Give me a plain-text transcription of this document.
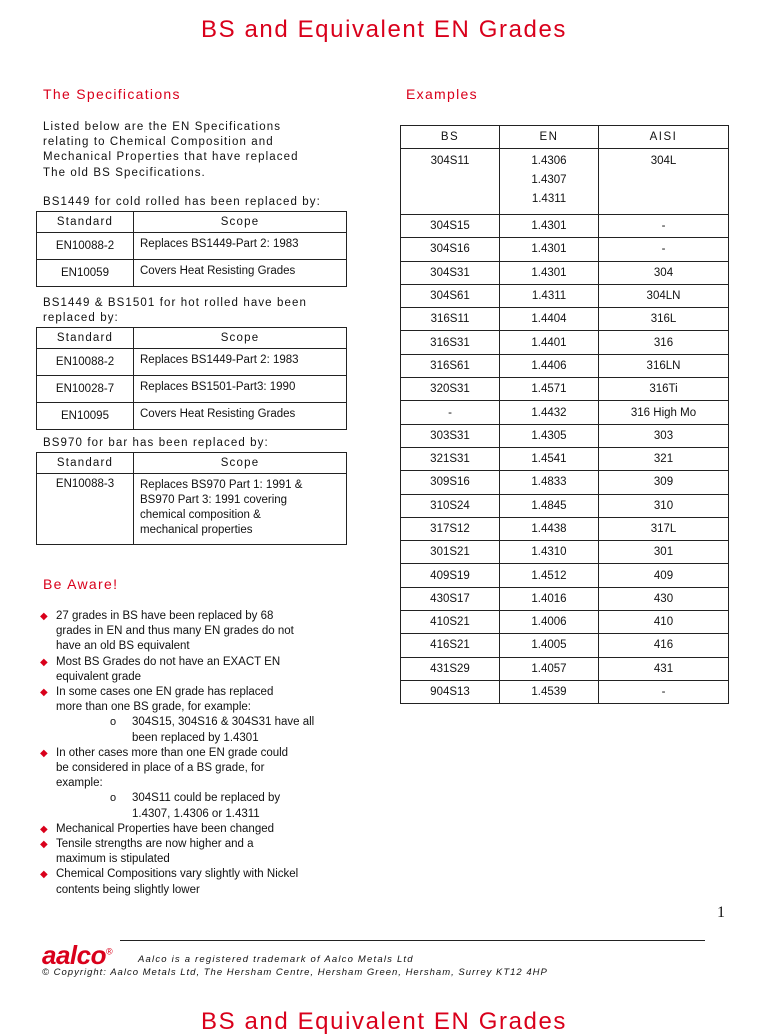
BS and Equivalent EN Grades
The Specifications
Listed below are the EN Specifications
relating to Chemical Composition and
Mechanical Properties that have replaced
The old BS Specifications.
BS1449 for cold rolled has been replaced by:
Standard	Scope
EN10088-2	Replaces BS1449-Part 2: 1983
EN10059	Covers Heat Resisting Grades
BS1449 & BS1501 for hot rolled have been
replaced by:
Standard	Scope
EN10088-2	Replaces BS1449-Part 2: 1983
EN10028-7	Replaces BS1501-Part3: 1990
EN10095	Covers Heat Resisting Grades
BS970 for bar has been replaced by:
Standard	Scope
EN10088-3	Replaces BS970 Part 1: 1991 &
BS970 Part 3: 1991 covering
chemical composition &
mechanical properties
Be Aware!
◆ 27 grades in BS have been replaced by 68
grades in EN and thus many EN grades do not
have an old BS equivalent
◆ Most BS Grades do not have an EXACT EN
equivalent grade
◆ In some cases one EN grade has replaced
more than one BS grade, for example:
o 304S15, 304S16 & 304S31 have all
been replaced by 1.4301
◆ In other cases more than one EN grade could
be considered in place of a BS grade, for
example:
o 304S11 could be replaced by
1.4307, 1.4306 or 1.4311
◆ Mechanical Properties have been changed
◆ Tensile strengths are now higher and a
maximum is stipulated
◆ Chemical Compositions vary slightly with Nickel
contents being slightly lower
Examples
BS	EN	AISI
304S11	1.4306
1.4307
1.4311	304L
304S15	1.4301	-
304S16	1.4301	-
304S31	1.4301	304
304S61	1.4311	304LN
316S11	1.4404	316L
316S31	1.4401	316
316S61	1.4406	316LN
320S31	1.4571	316Ti
-	1.4432	316 High Mo
303S31	1.4305	303
321S31	1.4541	321
309S16	1.4833	309
310S24	1.4845	310
317S12	1.4438	317L
301S21	1.4310	301
409S19	1.4512	409
430S17	1.4016	430
410S21	1.4006	410
416S21	1.4005	416
431S29	1.4057	431
904S13	1.4539	-
1
aalco®
Aalco is a registered trademark of Aalco Metals Ltd
© Copyright: Aalco Metals Ltd, The Hersham Centre, Hersham Green, Hersham, Surrey KT12 4HP
BS and Equivalent EN Grades
